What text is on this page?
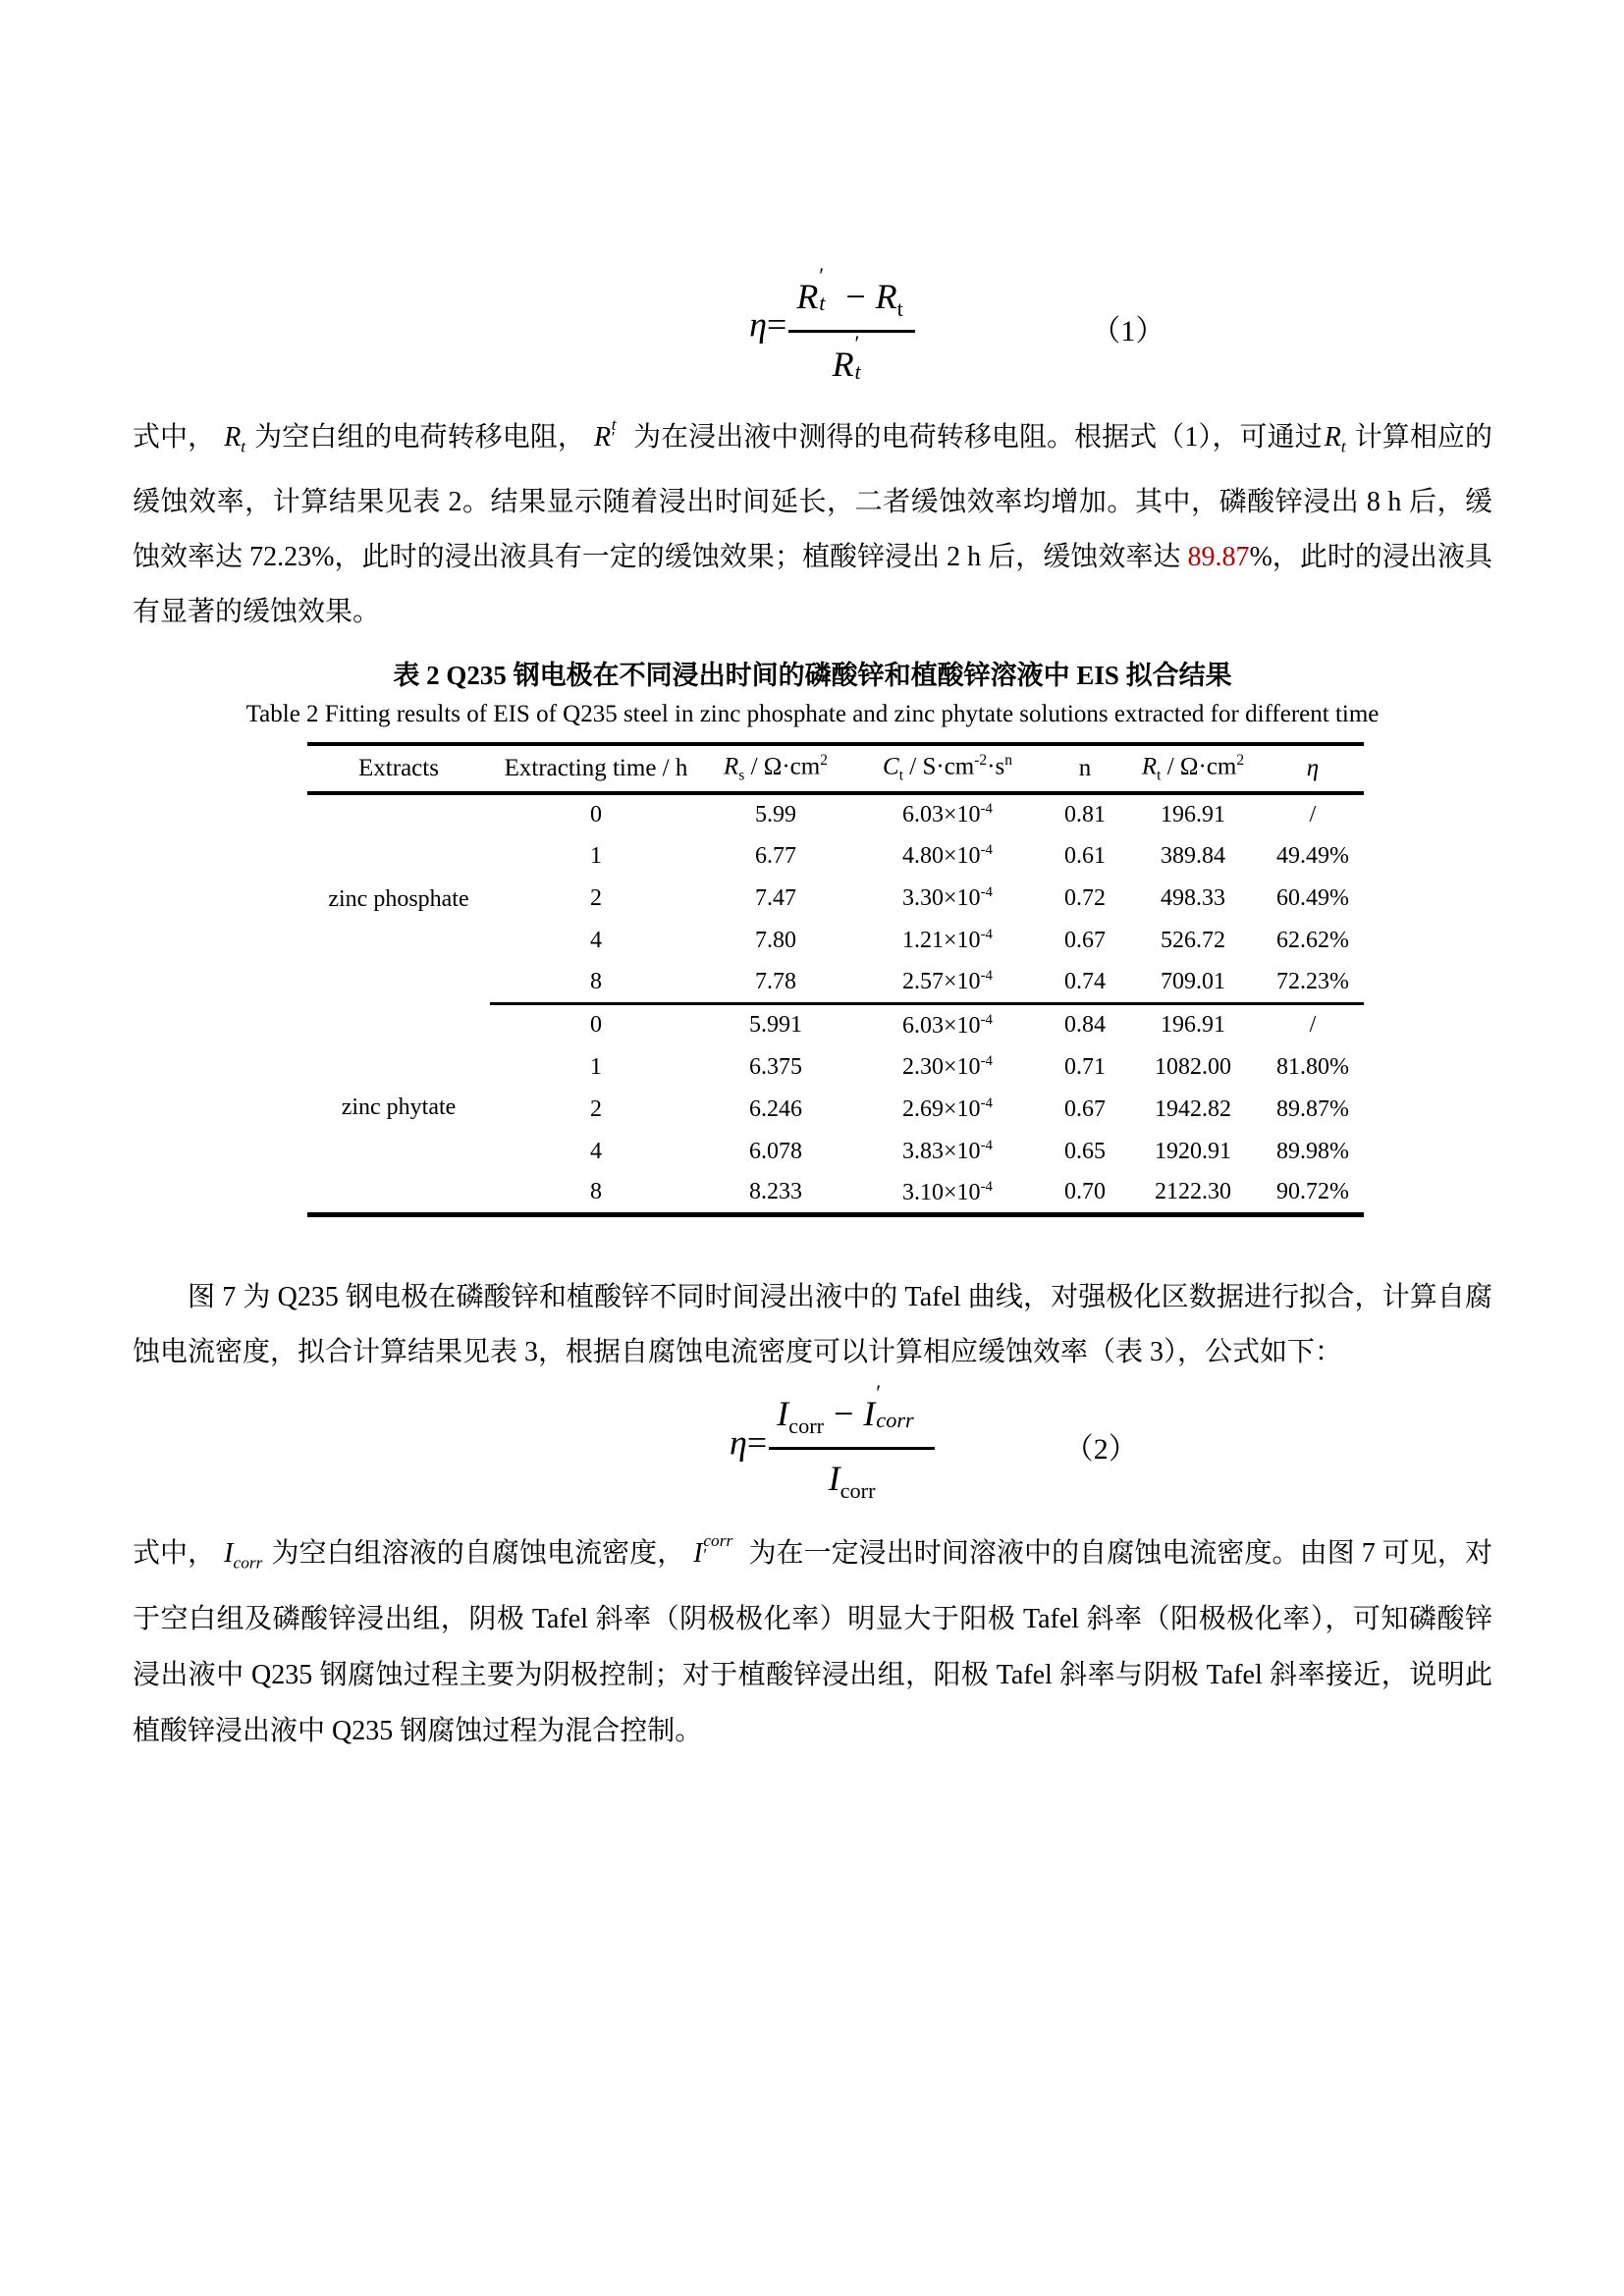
η= R
′
$t - R_t$
R
′
t	（1）

式中， $R_t$ 为空白组的电荷转移电阻， R ′
t 为在浸出液中测得的电荷转移电阻。根据式（1），可通过$R_t$ 计算相应的缓蚀效率，计算结果见表 2。结果显示随着浸出时间延长，二者缓蚀效率均增加。其中，磷酸锌浸出 8 h 后，缓蚀效率达 72.23%，此时的浸出液具有一定的缓蚀效果；植酸锌浸出 2 h 后，缓蚀效率达 89.87%，此时的浸出液具有显著的缓蚀效果。

表 2 Q235 钢电极在不同浸出时间的磷酸锌和植酸锌溶液中 EIS 拟合结果

Table 2 Fitting results of EIS of Q235 steel in zinc phosphate and zinc phytate solutions extracted for different time

Extracts	Extracting time / h	$R_s / \Omega\cdot cm^2$	$C_t / S\cdot cm^{-2}\cdot s^n$	n	$R_t / \Omega\cdot cm^2$	η
zinc phosphate	0	5.99	$6.03\times 10^{-4}$	0.81	196.91	/
	1	6.77	$4.80\times 10^{-4}$	0.61	389.84	49.49%
	2	7.47	$3.30\times 10^{-4}$	0.72	498.33	60.49%
	4	7.80	$1.21\times 10^{-4}$	0.67	526.72	62.62%
	8	7.78	$2.57\times 10^{-4}$	0.74	709.01	72.23%
zinc phytate	0	5.991	$6.03\times 10^{-4}$	0.84	196.91	/
	1	6.375	$2.30\times 10^{-4}$	0.71	1082.00	81.80%
	2	6.246	$2.69\times 10^{-4}$	0.67	1942.82	89.87%
	4	6.078	$3.83\times 10^{-4}$	0.65	1920.91	89.98%
	8	8.233	$3.10\times 10^{-4}$	0.70	2122.30	90.72%

图 7 为 Q235 钢电极在磷酸锌和植酸锌不同时间浸出液中的 Tafel 曲线，对强极化区数据进行拟合，计算自腐蚀电流密度，拟合计算结果见表 3，根据自腐蚀电流密度可以计算相应缓蚀效率（表 3），公式如下：

$\eta= I_{corr} - I$
′
corr
$I_{corr}$	（2）

式中， $I_{corr}$ 为空白组溶液的自腐蚀电流密度， I ′
corr 为在一定浸出时间溶液中的自腐蚀电流密度。由图 7 可见，对于空白组及磷酸锌浸出组，阴极 Tafel 斜率（阴极极化率）明显大于阳极 Tafel 斜率（阳极极化率），可知磷酸锌浸出液中 Q235 钢腐蚀过程主要为阴极控制；对于植酸锌浸出组，阳极 Tafel 斜率与阴极 Tafel 斜率接近，说明此植酸锌浸出液中 Q235 钢腐蚀过程为混合控制。
